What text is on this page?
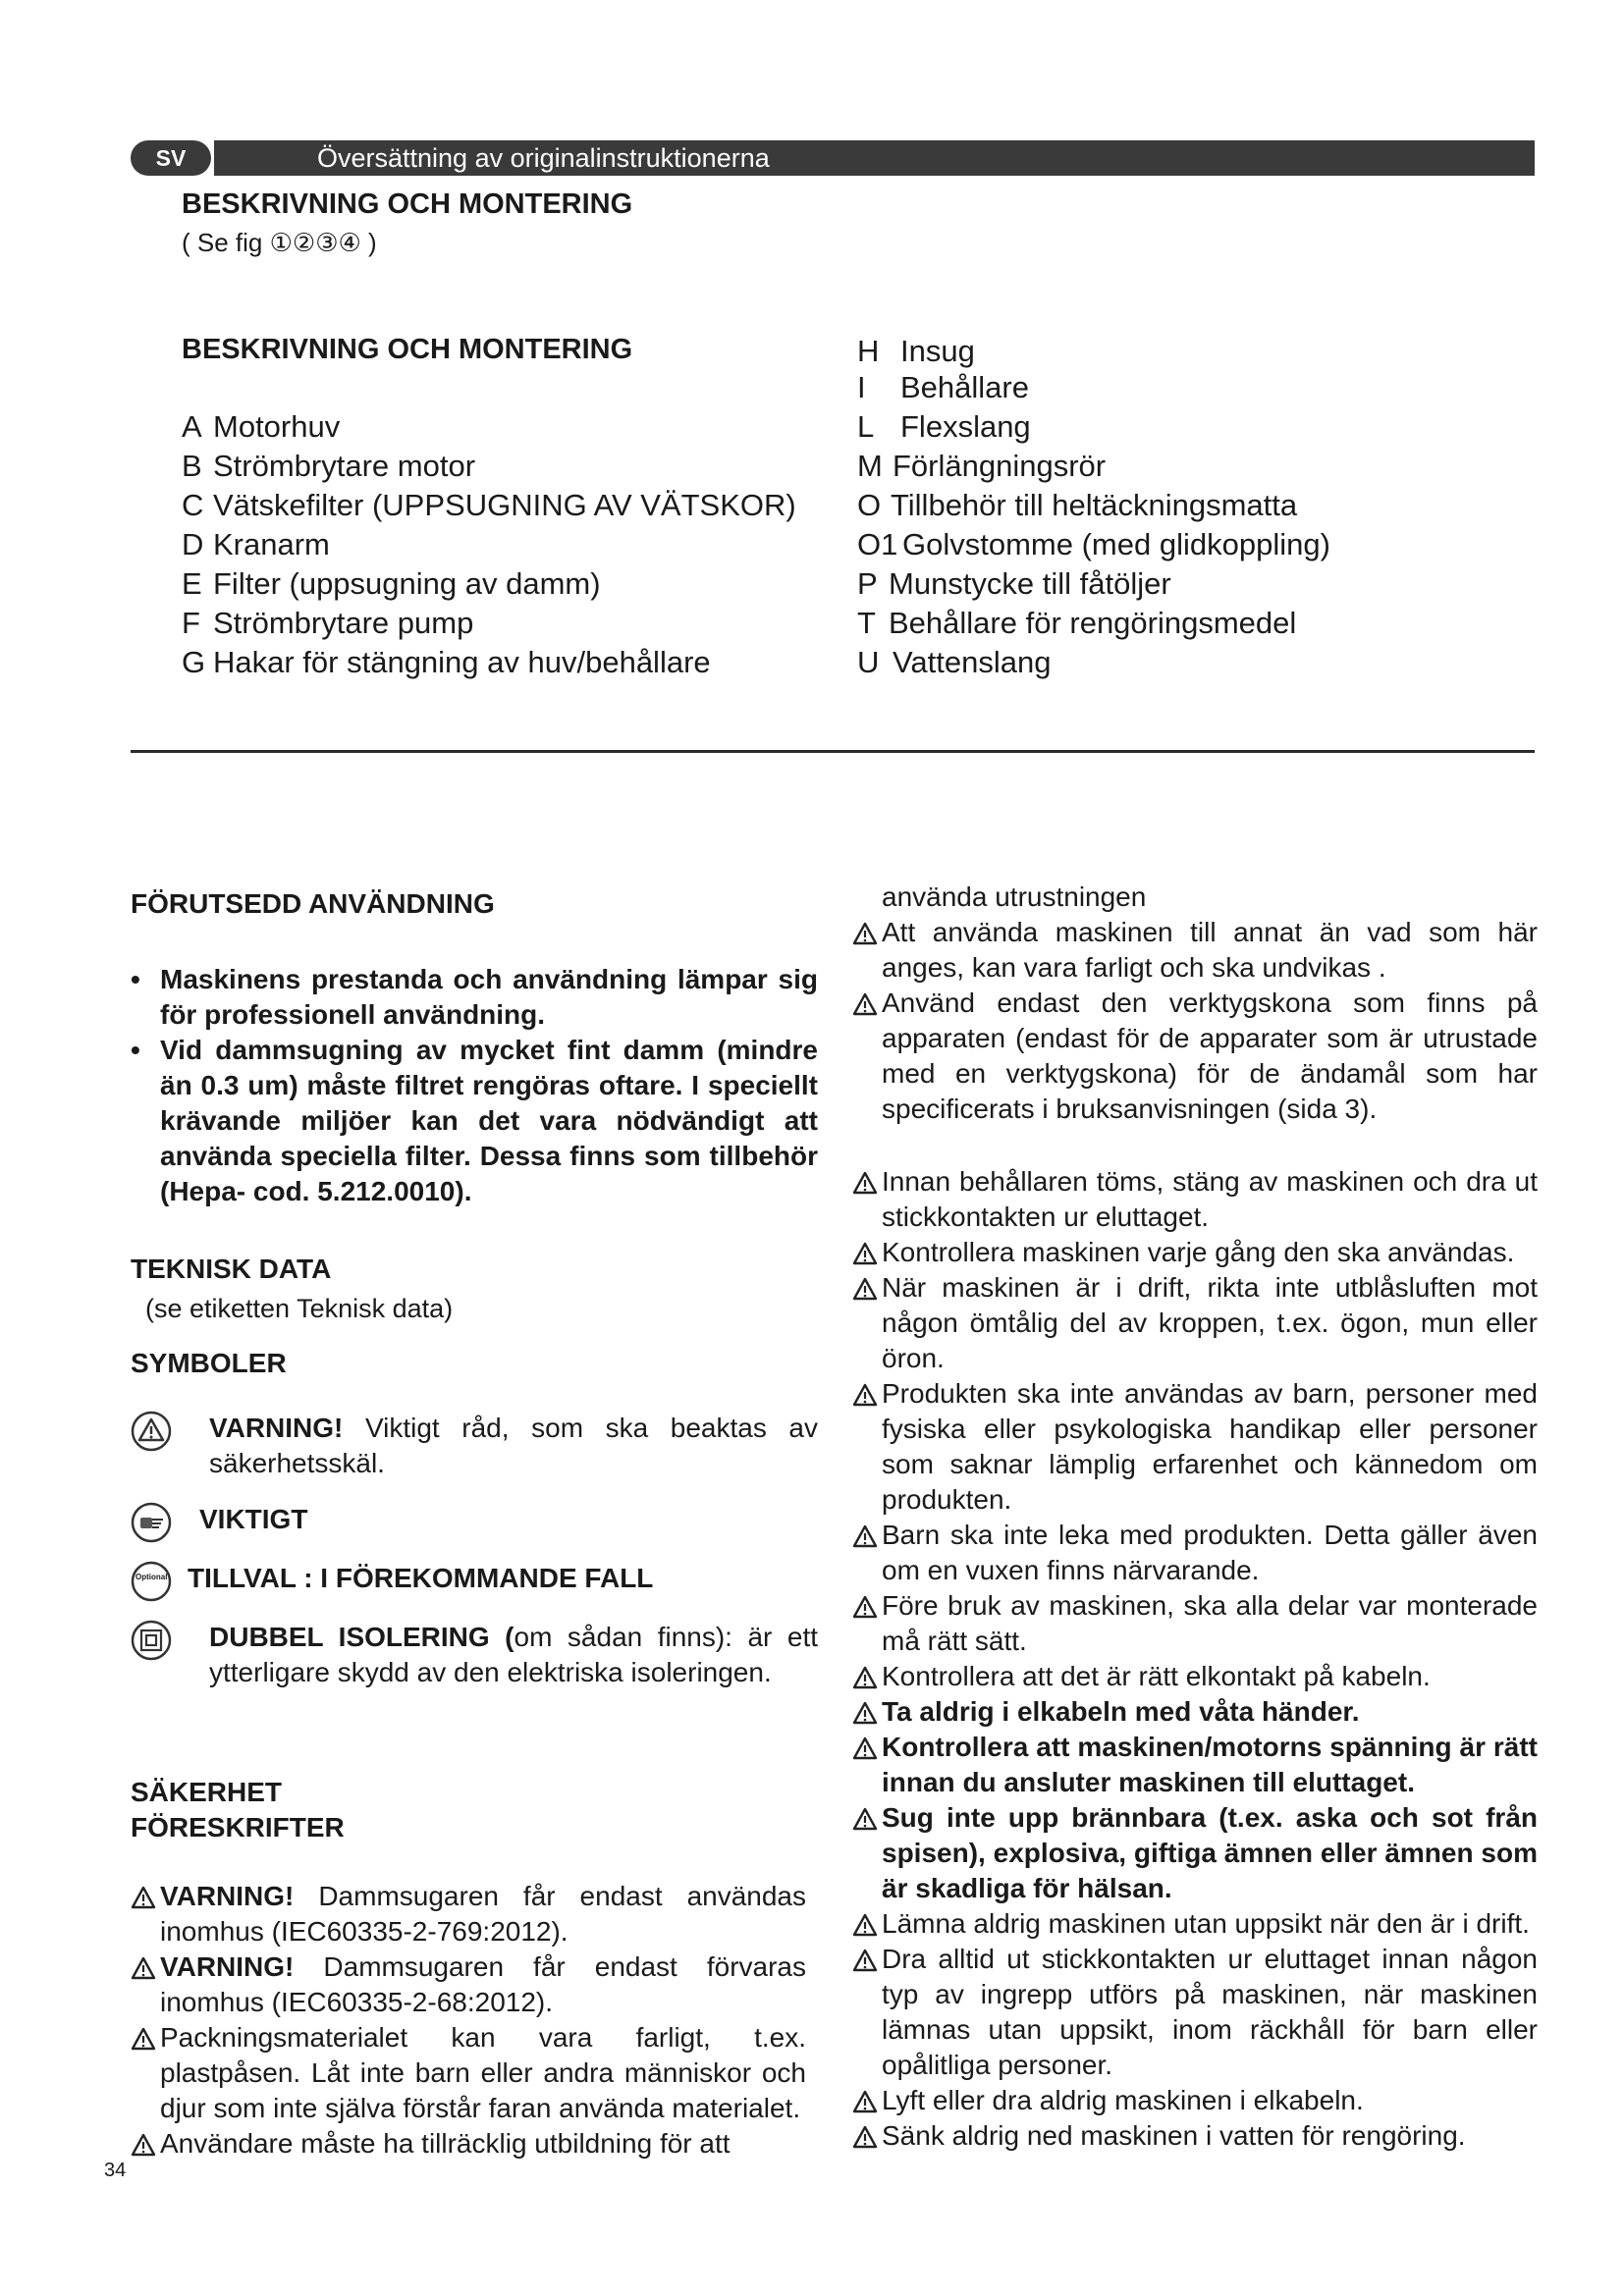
SV	Översättning av originalinstruktionerna
BESKRIVNING OCH MONTERING
( Se fig ①②③④ )
BESKRIVNING OCH MONTERING
A Motorhuv
B Strömbrytare motor
C Vätskefilter (UPPSUGNING AV VÄTSKOR)
D Kranarm
E Filter (uppsugning av damm)
F Strömbrytare pump
G Hakar för stängning av huv/behållare
H Insug
I	Behållare
L Flexslang
M Förlängningsrör
O Tillbehör till heltäckningsmatta
O1 Golvstomme (med glidkoppling)
P Munstycke till fåtöljer
T Behållare för rengöringsmedel
U Vattenslang
FÖRUTSEDD ANVÄNDNING
• Maskinens prestanda och användning lämpar sig för professionell användning.
• Vid dammsugning av mycket fint damm (mindre än 0.3 um) måste filtret rengöras oftare. I speciellt krävande miljöer kan det vara nödvändigt att använda speciella filter. Dessa finns som tillbehör (Hepa- cod. 5.212.0010).
TEKNISK DATA
(se etiketten Teknisk data)
SYMBOLER
VARNING! Viktigt råd, som ska beaktas av säkerhetsskäl.
VIKTIGT
Optional TILLVAL : I FÖREKOMMANDE FALL
DUBBEL ISOLERING (om sådan finns): är ett ytterligare skydd av den elektriska isoleringen.
SÄKERHET
FÖRESKRIFTER
VARNING! Dammsugaren får endast användas inomhus (IEC60335-2-769:2012).
VARNING! Dammsugaren får endast förvaras inomhus (IEC60335-2-68:2012).
Packningsmaterialet kan vara farligt, t.ex. plastpåsen. Låt inte barn eller andra människor och djur som inte själva förstår faran använda materialet.
Användare måste ha tillräcklig utbildning för att
använda utrustningen
Att använda maskinen till annat än vad som här anges, kan vara farligt och ska undvikas .
Använd endast den verktygskona som finns på apparaten (endast för de apparater som är utrustade med en verktygskona) för de ändamål som har specificerats i bruksanvisningen (sida 3).
Innan behållaren töms, stäng av maskinen och dra ut stickkontakten ur eluttaget.
Kontrollera maskinen varje gång den ska användas.
När maskinen är i drift, rikta inte utblåsluften mot någon ömtålig del av kroppen, t.ex. ögon, mun eller öron.
Produkten ska inte användas av barn, personer med fysiska eller psykologiska handikap eller personer som saknar lämplig erfarenhet och kännedom om produkten.
Barn ska inte leka med produkten. Detta gäller även om en vuxen finns närvarande.
Före bruk av maskinen, ska alla delar var monterade må rätt sätt.
Kontrollera att det är rätt elkontakt på kabeln.
Ta aldrig i elkabeln med våta händer.
Kontrollera att maskinen/motorns spänning är rätt innan du ansluter maskinen till eluttaget.
Sug inte upp brännbara (t.ex. aska och sot från spisen), explosiva, giftiga ämnen eller ämnen som är skadliga för hälsan.
Lämna aldrig maskinen utan uppsikt när den är i drift.
Dra alltid ut stickkontakten ur eluttaget innan någon typ av ingrepp utförs på maskinen, när maskinen lämnas utan uppsikt, inom räckhåll för barn eller opålitliga personer.
Lyft eller dra aldrig maskinen i elkabeln.
Sänk aldrig ned maskinen i vatten för rengöring.
34
